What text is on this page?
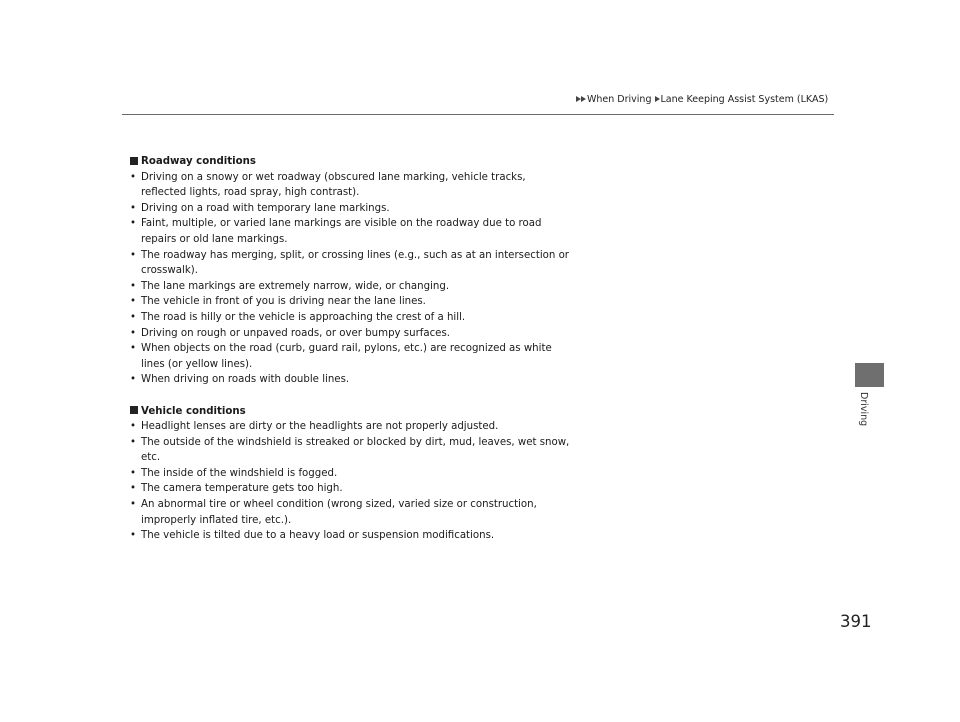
When Driving Lane Keeping Assist System (LKAS)
Driving
Roadway conditions
• Driving on a snowy or wet roadway (obscured lane marking, vehicle tracks, reflected lights, road spray, high contrast).
• Driving on a road with temporary lane markings.
• Faint, multiple, or varied lane markings are visible on the roadway due to road repairs or old lane markings.
• The roadway has merging, split, or crossing lines (e.g., such as at an intersection or crosswalk).
• The lane markings are extremely narrow, wide, or changing.
• The vehicle in front of you is driving near the lane lines.
• The road is hilly or the vehicle is approaching the crest of a hill.
• Driving on rough or unpaved roads, or over bumpy surfaces.
• When objects on the road (curb, guard rail, pylons, etc.) are recognized as white lines (or yellow lines).
• When driving on roads with double lines.
Vehicle conditions
• Headlight lenses are dirty or the headlights are not properly adjusted.
• The outside of the windshield is streaked or blocked by dirt, mud, leaves, wet snow, etc.
• The inside of the windshield is fogged.
• The camera temperature gets too high.
• An abnormal tire or wheel condition (wrong sized, varied size or construction, improperly inflated tire, etc.).
• The vehicle is tilted due to a heavy load or suspension modifications.
391
